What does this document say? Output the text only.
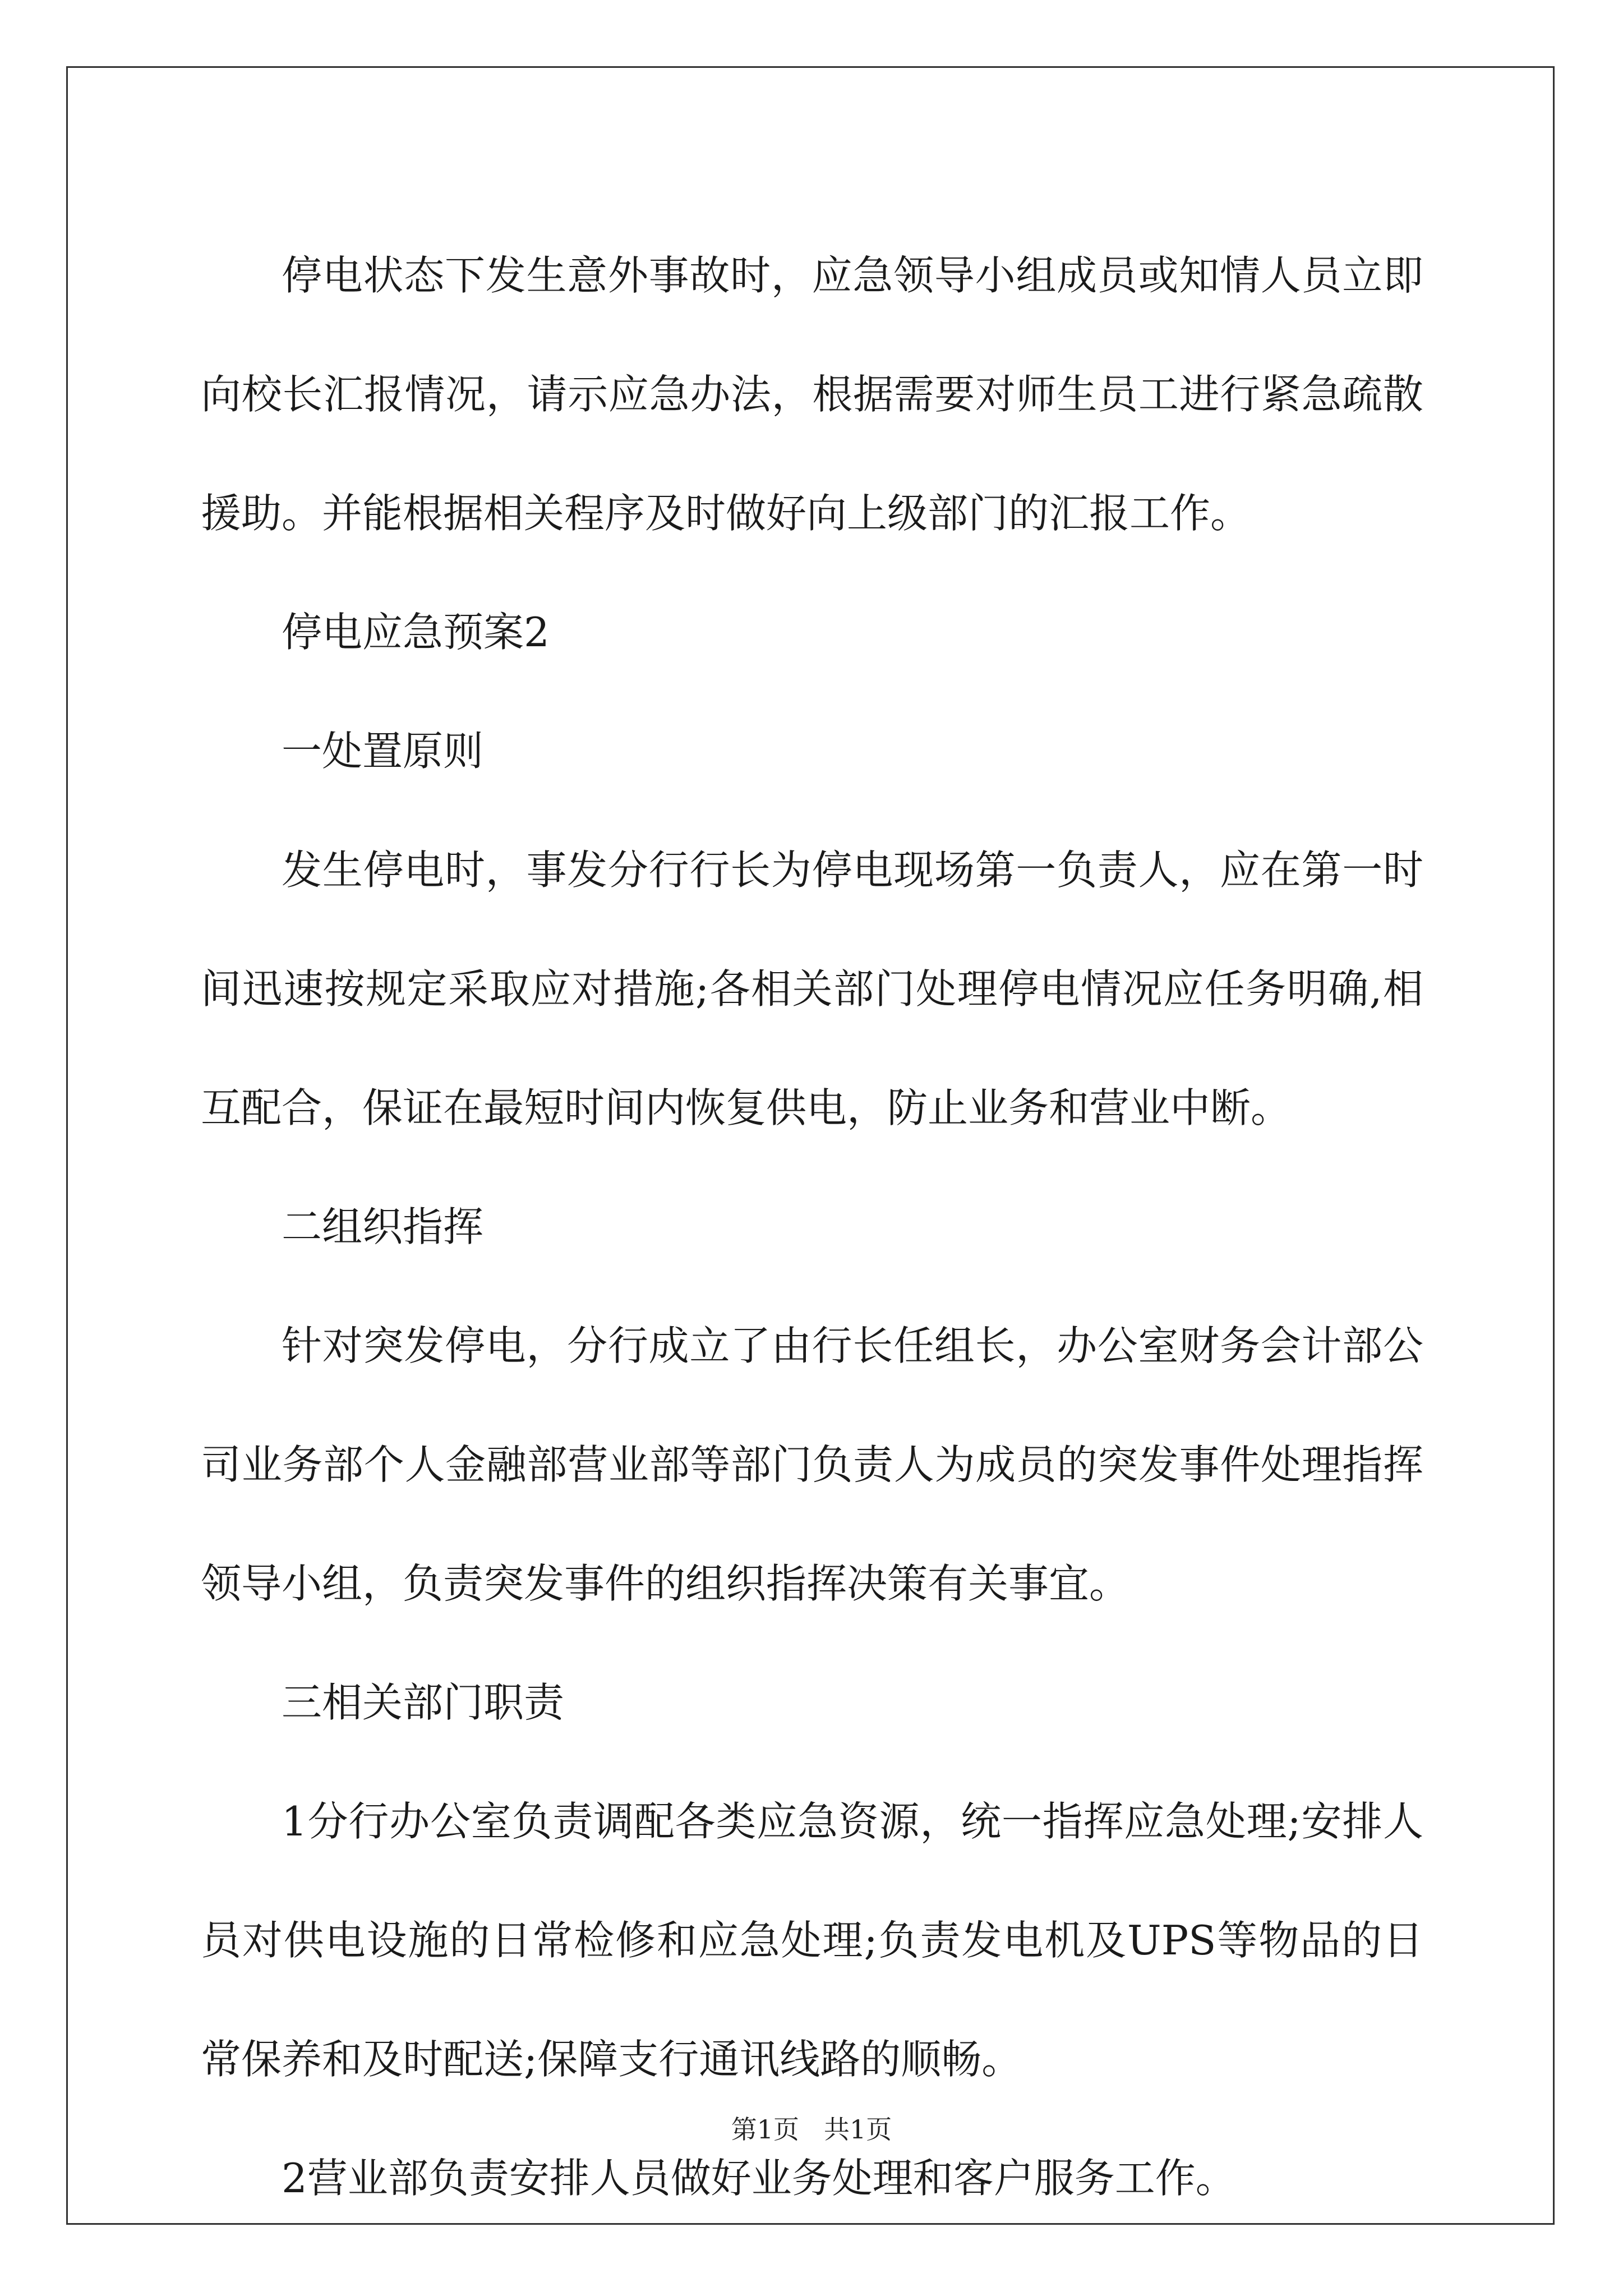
停电状态下发生意外事故时，应急领导小组成员或知情人员立即向校长汇报情况，请示应急办法，根据需要对师生员工进行紧急疏散援助。并能根据相关程序及时做好向上级部门的汇报工作。

停电应急预案2

一处置原则

发生停电时，事发分行行长为停电现场第一负责人，应在第一时间迅速按规定采取应对措施;各相关部门处理停电情况应任务明确,相互配合，保证在最短时间内恢复供电，防止业务和营业中断。

二组织指挥

针对突发停电，分行成立了由行长任组长，办公室财务会计部公司业务部个人金融部营业部等部门负责人为成员的突发事件处理指挥领导小组，负责突发事件的组织指挥决策有关事宜。

三相关部门职责

1分行办公室负责调配各类应急资源，统一指挥应急处理;安排人员对供电设施的日常检修和应急处理;负责发电机及UPS等物品的日常保养和及时配送;保障支行通讯线路的顺畅。

2营业部负责安排人员做好业务处理和客户服务工作。

第1页 共1页
